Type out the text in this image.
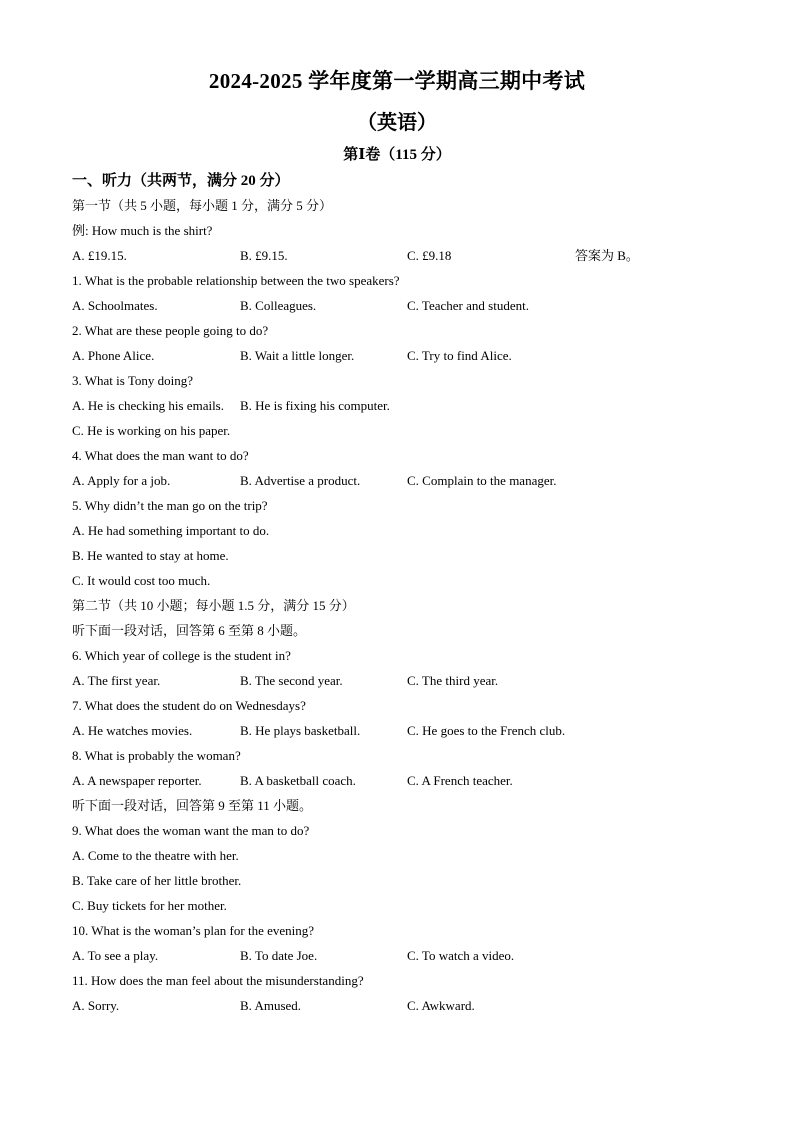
2024-2025 学年度第一学期高三期中考试
（英语）
第Ⅰ卷（115 分）
一、听力（共两节，满分 20 分）
第一节（共 5 小题，每小题 1 分，满分 5 分）
例: How much is the shirt?
A. £19.15.	B. £9.15.	C. £9.18	答案为 B。
1. What is the probable relationship between the two speakers?
A. Schoolmates.	B. Colleagues.	C. Teacher and student.
2. What are these people going to do?
A. Phone Alice.	B. Wait a little longer.	C. Try to find Alice.
3. What is Tony doing?
A. He is checking his emails. B. He is fixing his computer.
C. He is working on his paper.
4. What does the man want to do?
A. Apply for a job.	B. Advertise a product.	C. Complain to the manager.
5. Why didn’t the man go on the trip?
A. He had something important to do.
B. He wanted to stay at home.
C. It would cost too much.
第二节（共 10 小题；每小题 1.5 分，满分 15 分）
听下面一段对话，回答第 6 至第 8 小题。
6. Which year of college is the student in?
A. The first year.	B. The second year.	C. The third year.
7. What does the student do on Wednesdays?
A. He watches movies.	B. He plays basketball.	C. He goes to the French club.
8. What is probably the woman?
A. A newspaper reporter.	B. A basketball coach.	C. A French teacher.
听下面一段对话，回答第 9 至第 11 小题。
9. What does the woman want the man to do?
A. Come to the theatre with her.
B. Take care of her little brother.
C. Buy tickets for her mother.
10. What is the woman’s plan for the evening?
A. To see a play.	B. To date Joe.	C. To watch a video.
11. How does the man feel about the misunderstanding?
A. Sorry.	B. Amused.	C. Awkward.
